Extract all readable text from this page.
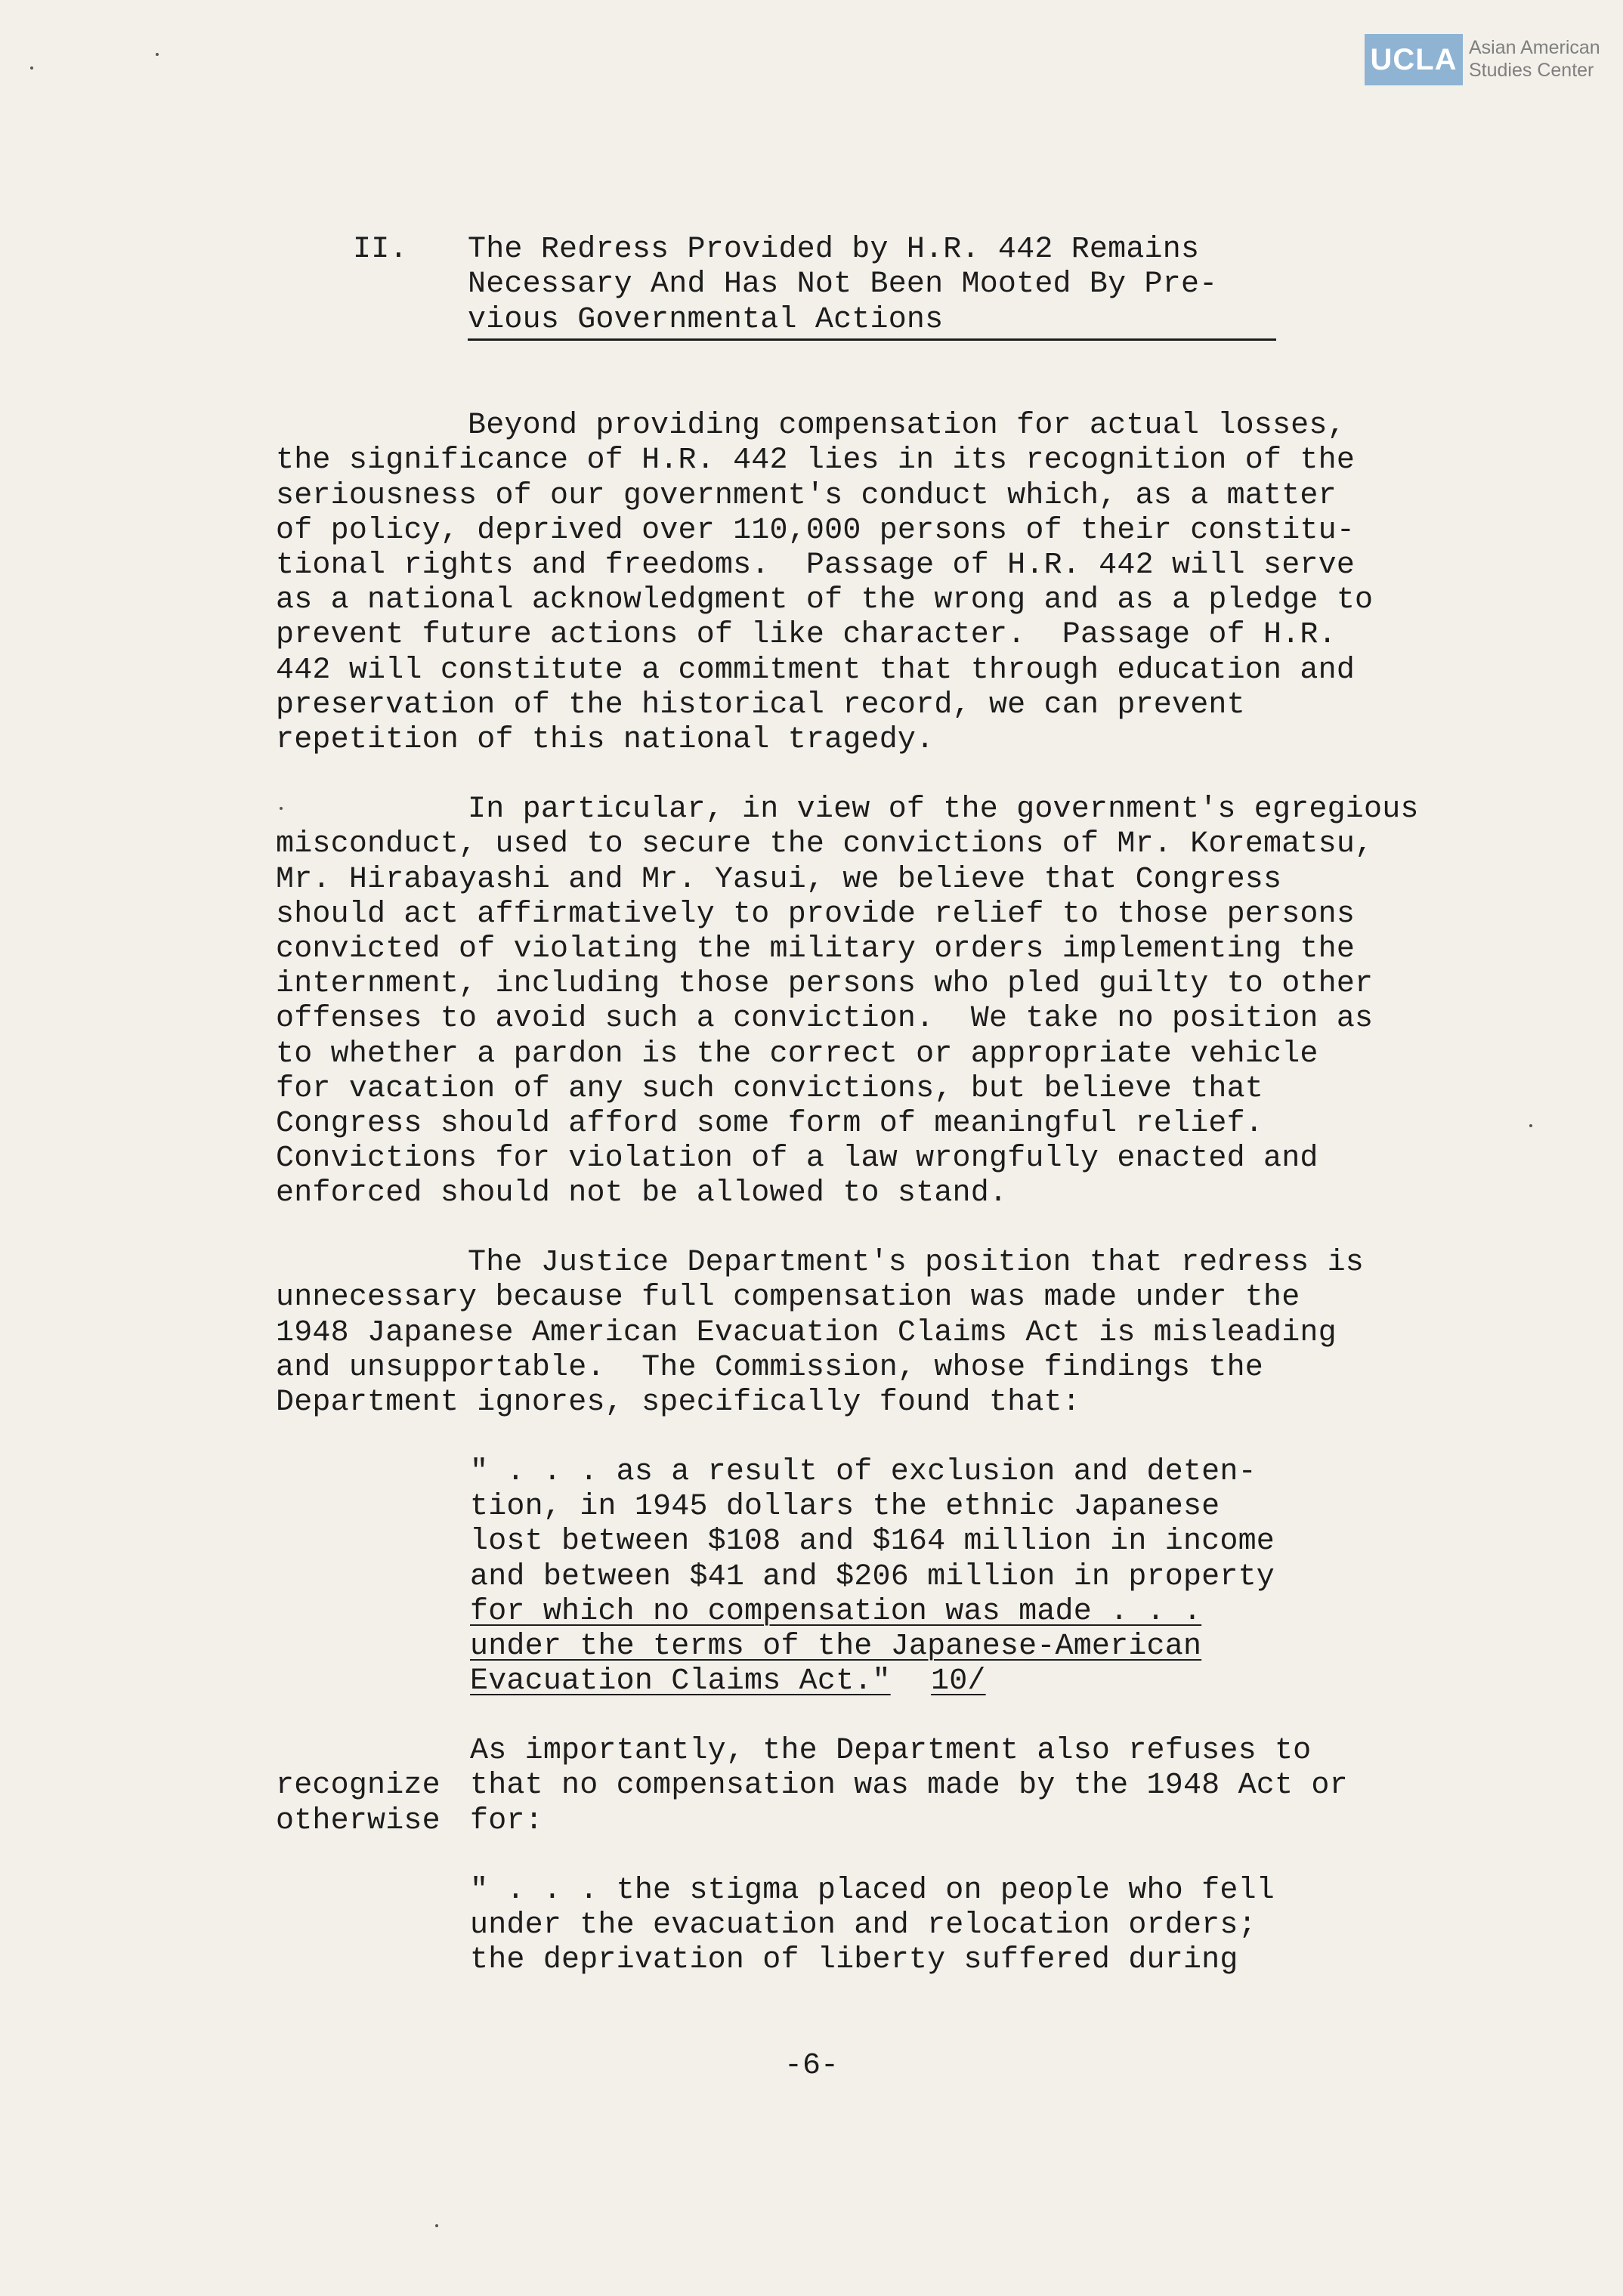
UCLA Asian American
Studies Center
II. The Redress Provided by H.R. 442 Remains
Necessary And Has Not Been Mooted By Pre-
vious Governmental Actions
Beyond providing compensation for actual losses,
the significance of H.R. 442 lies in its recognition of the
seriousness of our government's conduct which, as a matter
of policy, deprived over 110,000 persons of their constitu-
tional rights and freedoms.  Passage of H.R. 442 will serve
as a national acknowledgment of the wrong and as a pledge to
prevent future actions of like character.  Passage of H.R.
442 will constitute a commitment that through education and
preservation of the historical record, we can prevent
repetition of this national tragedy.
In particular, in view of the government's egregious
misconduct, used to secure the convictions of Mr. Korematsu,
Mr. Hirabayashi and Mr. Yasui, we believe that Congress
should act affirmatively to provide relief to those persons
convicted of violating the military orders implementing the
internment, including those persons who pled guilty to other
offenses to avoid such a conviction.  We take no position as
to whether a pardon is the correct or appropriate vehicle
for vacation of any such convictions, but believe that
Congress should afford some form of meaningful relief.
Convictions for violation of a law wrongfully enacted and
enforced should not be allowed to stand.
The Justice Department's position that redress is
unnecessary because full compensation was made under the
1948 Japanese American Evacuation Claims Act is misleading
and unsupportable.  The Commission, whose findings the
Department ignores, specifically found that:
" . . . as a result of exclusion and deten-
tion, in 1945 dollars the ethnic Japanese
lost between $108 and $164 million in income
and between $41 and $206 million in property
for which no compensation was made . . .
under the terms of the Japanese-American
Evacuation Claims Act." 10/
As importantly, the Department also refuses to
recognize that no compensation was made by the 1948 Act or
otherwise for:
" . . . the stigma placed on people who fell
under the evacuation and relocation orders;
the deprivation of liberty suffered during
-6-
